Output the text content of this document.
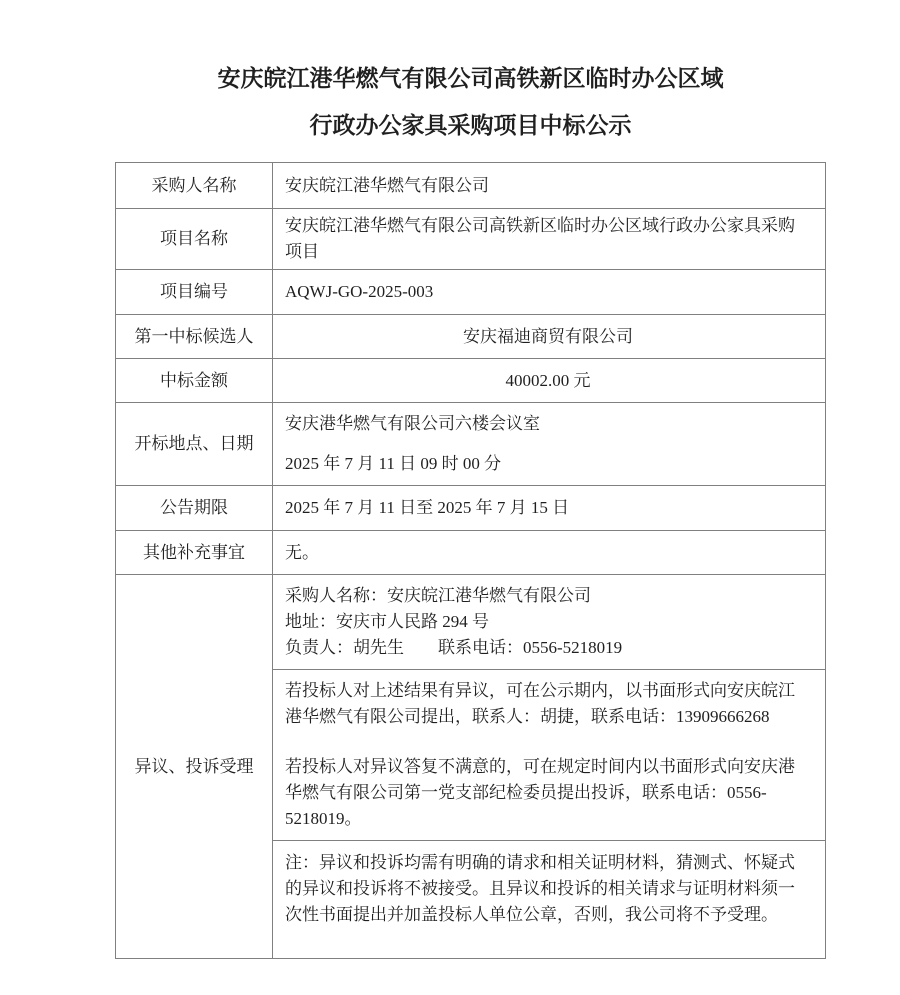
安庆皖江港华燃气有限公司高铁新区临时办公区域
行政办公家具采购项目中标公示
采购人名称	安庆皖江港华燃气有限公司
项目名称	安庆皖江港华燃气有限公司高铁新区临时办公区域行政办公家具采购项目
项目编号	AQWJ-GO-2025-003
第一中标候选人	安庆福迪商贸有限公司
中标金额	40002.00 元
开标地点、日期	安庆港华燃气有限公司六楼会议室
2025 年 7 月 11 日 09 时 00 分

公告期限	2025 年 7 月 11 日至 2025 年 7 月 15 日
其他补充事宜	无。
异议、投诉受理	采购人名称：安庆皖江港华燃气有限公司
地址：安庆市人民路 294 号
负责人：胡先生　　联系电话：0556-5218019

	若投标人对上述结果有异议，可在公示期内，以书面形式向安庆皖江港华燃气有限公司提出，联系人：胡捷，联系电话：13909666268
若投标人对异议答复不满意的，可在规定时间内以书面形式向安庆港华燃气有限公司第一党支部纪检委员提出投诉，联系电话：0556-5218019。

	注：异议和投诉均需有明确的请求和相关证明材料，猜测式、怀疑式的异议和投诉将不被接受。且异议和投诉的相关请求与证明材料须一次性书面提出并加盖投标人单位公章，否则，我公司将不予受理。
